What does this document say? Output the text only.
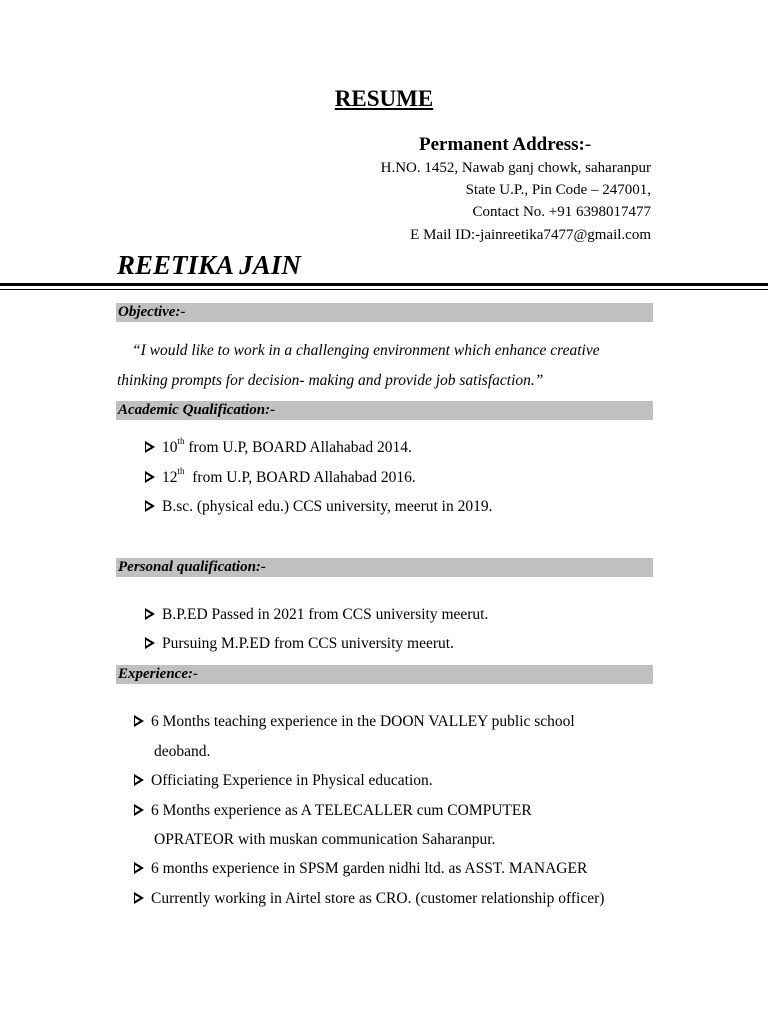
RESUME
Permanent Address:-
H.NO. 1452, Nawab ganj chowk, saharanpur
State U.P., Pin Code – 247001,
Contact No. +91 6398017477
E Mail ID:-jainreetika7477@gmail.com
REETIKA JAIN
Objective:-
“I would like to work in a challenging environment which enhance creative
thinking prompts for decision- making and provide job satisfaction.”
Academic Qualification:-
10th from U.P, BOARD Allahabad 2014.
12th  from U.P, BOARD Allahabad 2016.
B.sc. (physical edu.) CCS university, meerut in 2019.
Personal qualification:-
B.P.ED Passed in 2021 from CCS university meerut.
Pursuing M.P.ED from CCS university meerut.
Experience:-
6 Months teaching experience in the DOON VALLEY public school
deoband.
Officiating Experience in Physical education.
6 Months experience as A TELECALLER cum COMPUTER
OPRATEOR with muskan communication Saharanpur.
6 months experience in SPSM garden nidhi ltd. as ASST. MANAGER
Currently working in Airtel store as CRO. (customer relationship officer)
